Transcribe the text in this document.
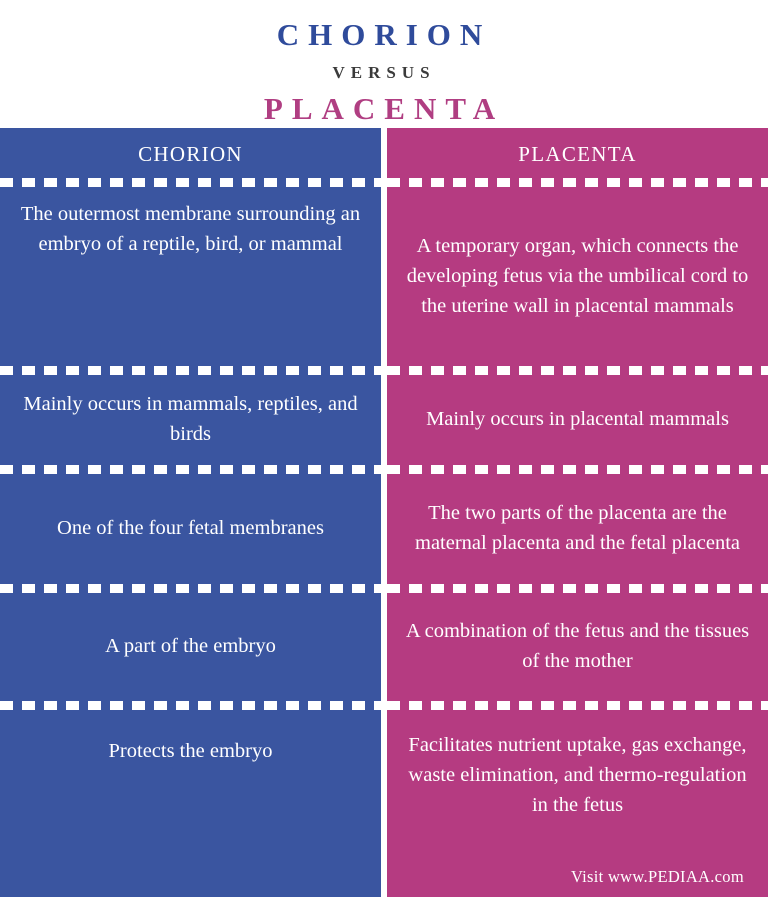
CHORION
VERSUS
PLACENTA
CHORION
The outermost membrane surrounding an embryo of a reptile, bird, or mammal
Mainly occurs in mammals, reptiles, and birds
One of the four fetal membranes
A part of the embryo
Protects the embryo
PLACENTA
A temporary organ, which connects the developing fetus via the umbilical cord to the uterine wall in placental mammals
Mainly occurs in placental mammals
The two parts of the placenta are the maternal placenta and the fetal placenta
A combination of the fetus and the tissues of the mother
Facilitates nutrient uptake, gas exchange, waste elimination, and thermo-regulation in the fetus
Visit www.PEDIAA.com
